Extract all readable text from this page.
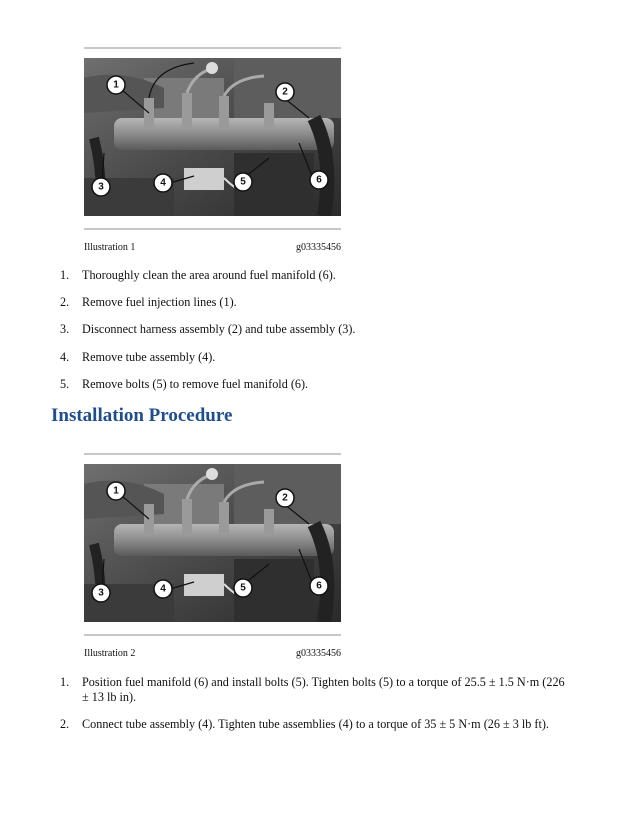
1
2
3	4	5	6
Illustration 1	g03335456
1.	Thoroughly clean the area around fuel manifold (6).
2.	Remove fuel injection lines (1).
3.	Disconnect harness assembly (2) and tube assembly (3).
4.	Remove tube assembly (4).
5.	Remove bolts (5) to remove fuel manifold (6).
Installation Procedure
1
2
3	4	5	6
Illustration 2	g03335456
1.	Position fuel manifold (6) and install bolts (5). Tighten bolts (5) to a torque of 25.5 ± 1.5 N·m (226 ± 13 lb in).
2.	Connect tube assembly (4). Tighten tube assemblies (4) to a torque of 35 ± 5 N·m (26 ± 3 lb ft).
